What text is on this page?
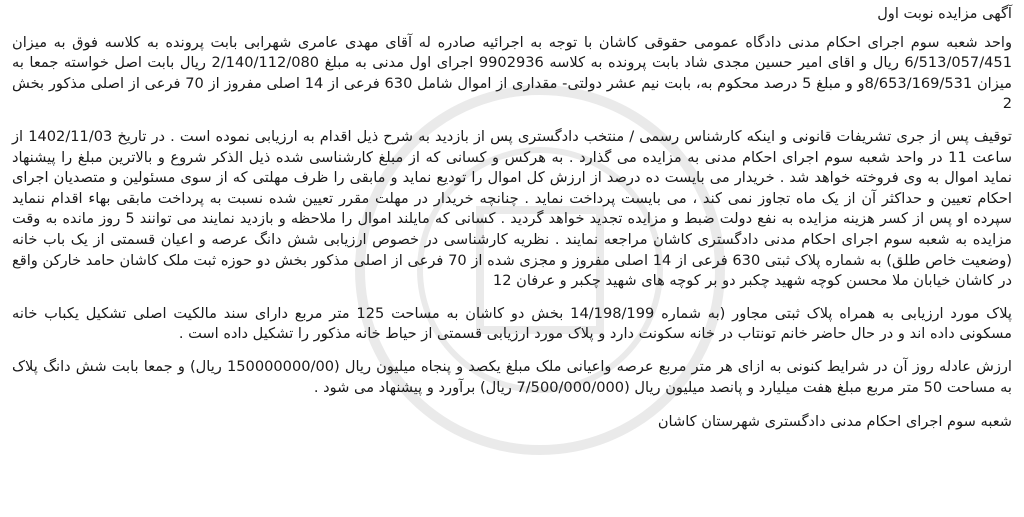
آگهی مزایده نوبت اول

واحد شعبه سوم اجرای احکام مدنی دادگاه عمومی حقوقی کاشان با توجه به اجرائیه صادره له آقای مهدی عامری شهرابی بابت پرونده به کلاسه فوق به میزان 6/513/057/451 ریال و اقای امیر حسین مجدی شاد بابت پرونده به کلاسه 9902936 اجرای اول مدنی به مبلغ 2/140/112/080 ریال بابت اصل خواسته جمعا به میزان 8/653/169/531و و مبلغ 5 درصد محکوم به، بابت نیم عشر دولتی- مقداری از اموال شامل 630 فرعی از 14 اصلی مفروز از 70 فرعی از اصلی مذکور بخش 2

توقیف پس از جری تشریفات قانونی و اینکه کارشناس رسمی / منتخب دادگستری پس از بازدید به شرح ذیل اقدام به ارزیابی نموده است . در تاریخ 1402/11/03 از ساعت 11 در واحد شعبه سوم اجرای احکام مدنی به مزایده می گذارد . به هرکس و کسانی که از مبلغ کارشناسی شده ذیل الذکر شروع و بالاترین مبلغ را پیشنهاد نماید اموال به وی فروخته خواهد شد . خریدار می بایست ده درصد از ارزش کل اموال را تودیع نماید و مابقی را ظرف مهلتی که از سوی مسئولین و متصدیان اجرای احکام تعیین و حداکثر آن از یک ماه تجاوز نمی کند ، می بایست پرداخت نماید . چنانچه خریدار در مهلت مقرر تعیین شده نسبت به پرداخت مابقی بهاء اقدام ننماید سپرده او پس از کسر هزینه مزایده به نفع دولت ضبط و مزایده تجدید خواهد گردید . کسانی که مایلند اموال را ملاحظه و بازدید نمایند می توانند 5 روز مانده به وقت مزایده به شعبه سوم اجرای احکام مدنی دادگستری کاشان مراجعه نمایند . نظریه کارشناسی در خصوص ارزیابی شش دانگ عرصه و اعیان قسمتی از یک باب خانه (وضعیت خاص طلق) به شماره پلاک ثبتی 630 فرعی از 14 اصلی مفروز و مجزی شده از 70 فرعی از اصلی مذکور بخش دو حوزه ثبت ملک کاشان حامد خارکن واقع در کاشان خیابان ملا محسن کوچه شهید چکبر دو بر کوچه های شهید چکبر و عرفان 12

پلاک مورد ارزیابی به همراه پلاک ثبتی مجاور (به شماره 14/198/199 بخش دو کاشان به مساحت 125 متر مربع دارای سند مالکیت اصلی تشکیل یکباب خانه مسکونی داده اند و در حال حاضر خانم تونتاب در خانه سکونت دارد و پلاک مورد ارزیابی قسمتی از حیاط خانه مذکور را تشکیل داده است .

ارزش عادله روز آن در شرایط کنونی به ازای هر متر مربع عرصه واعیانی ملک مبلغ یکصد و پنجاه میلیون ریال (150000000/00 ریال) و جمعا بابت شش دانگ پلاک به مساحت 50 متر مربع مبلغ هفت میلیارد و پانصد میلیون ریال (7/500/000/000 ریال) برآورد و پیشنهاد می شود .

شعبه سوم اجرای احکام مدنی دادگستری شهرستان کاشان
